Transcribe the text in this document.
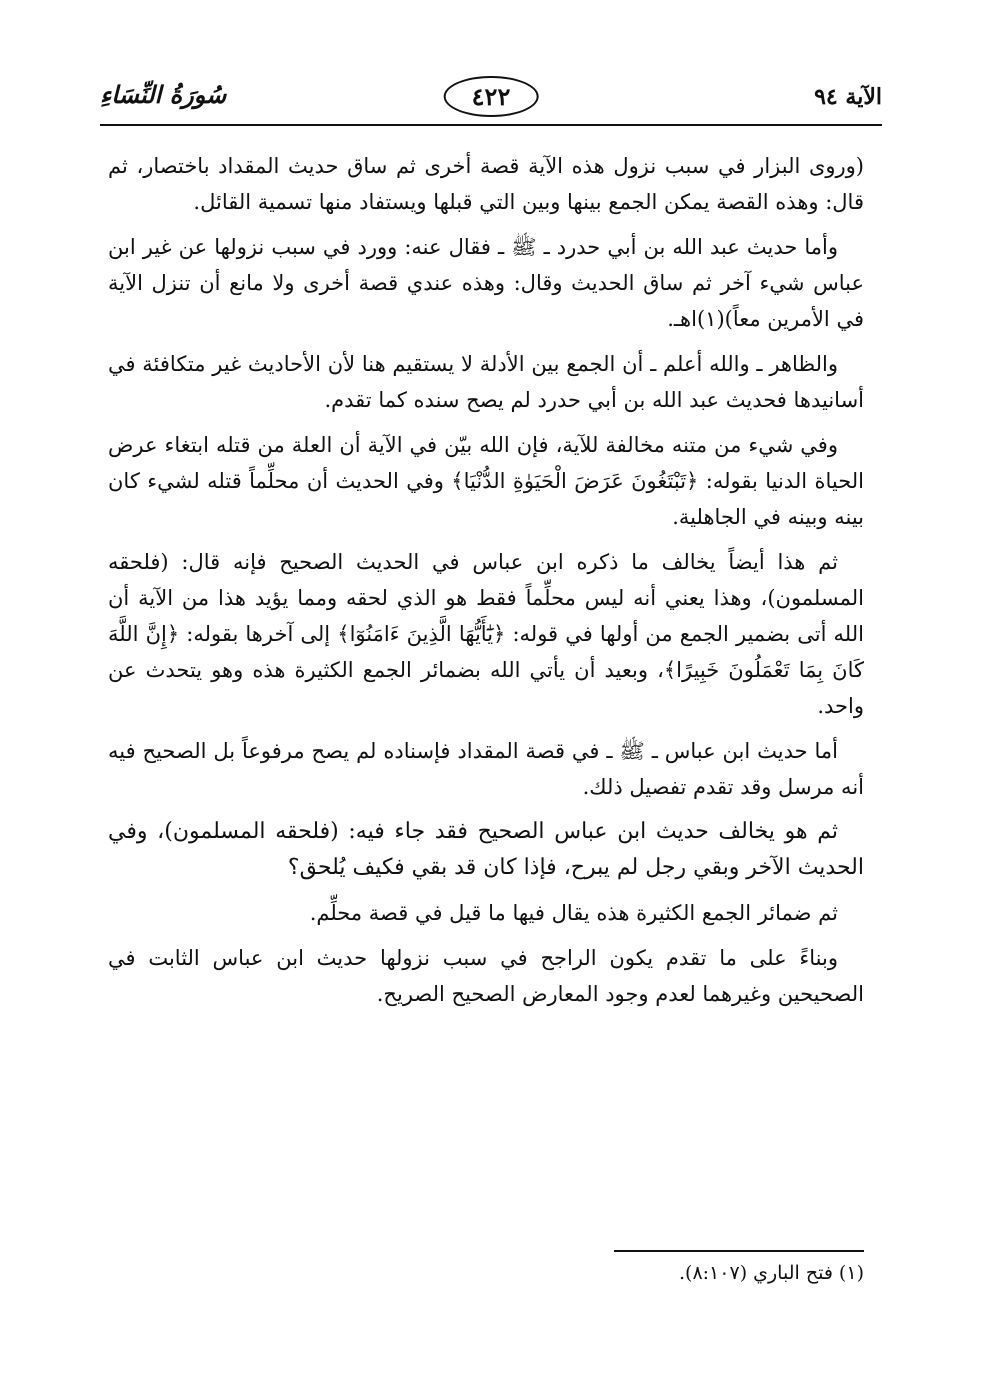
الآية ٩٤
٤٢٢
سُورَةُ النِّسَاءِ

(وروى البزار في سبب نزول هذه الآية قصة أخرى ثم ساق حديث المقداد باختصار، ثم قال: وهذه القصة يمكن الجمع بينها وبين التي قبلها ويستفاد منها تسمية القائل.

وأما حديث عبد الله بن أبي حدرد ـ ﷺ ـ فقال عنه: وورد في سبب نزولها عن غير ابن عباس شيء آخر ثم ساق الحديث وقال: وهذه عندي قصة أخرى ولا مانع أن تنزل الآية في الأمرين معاً)(١)اهـ.

والظاهر ـ والله أعلم ـ أن الجمع بين الأدلة لا يستقيم هنا لأن الأحاديث غير متكافئة في أسانيدها فحديث عبد الله بن أبي حدرد لم يصح سنده كما تقدم.

وفي شيء من متنه مخالفة للآية، فإن الله بيّن في الآية أن العلة من قتله ابتغاء عرض الحياة الدنيا بقوله: ﴿تَبْتَغُونَ عَرَضَ الْحَيَوٰةِ الدُّنْيَا﴾ وفي الحديث أن محلِّماً قتله لشيء كان بينه وبينه في الجاهلية.

ثم هذا أيضاً يخالف ما ذكره ابن عباس في الحديث الصحيح فإنه قال: (فلحقه المسلمون)، وهذا يعني أنه ليس محلِّماً فقط هو الذي لحقه ومما يؤيد هذا من الآية أن الله أتى بضمير الجمع من أولها في قوله: ﴿يَٰٓأَيُّهَا الَّذِينَ ءَامَنُوٓا﴾ إلى آخرها بقوله: ﴿إِنَّ اللَّهَ كَانَ بِمَا تَعْمَلُونَ خَبِيرًا﴾، وبعيد أن يأتي الله بضمائر الجمع الكثيرة هذه وهو يتحدث عن واحد.

أما حديث ابن عباس ـ ﷺ ـ في قصة المقداد فإسناده لم يصح مرفوعاً بل الصحيح فيه أنه مرسل وقد تقدم تفصيل ذلك.

ثم هو يخالف حديث ابن عباس الصحيح فقد جاء فيه: (فلحقه المسلمون)، وفي الحديث الآخر وبقي رجل لم يبرح، فإذا كان قد بقي فكيف يُلحق؟

ثم ضمائر الجمع الكثيرة هذه يقال فيها ما قيل في قصة محلِّم.

وبناءً على ما تقدم يكون الراجح في سبب نزولها حديث ابن عباس الثابت في الصحيحين وغيرهما لعدم وجود المعارض الصحيح الصريح.

(١) فتح الباري (٨:١٠٧).
